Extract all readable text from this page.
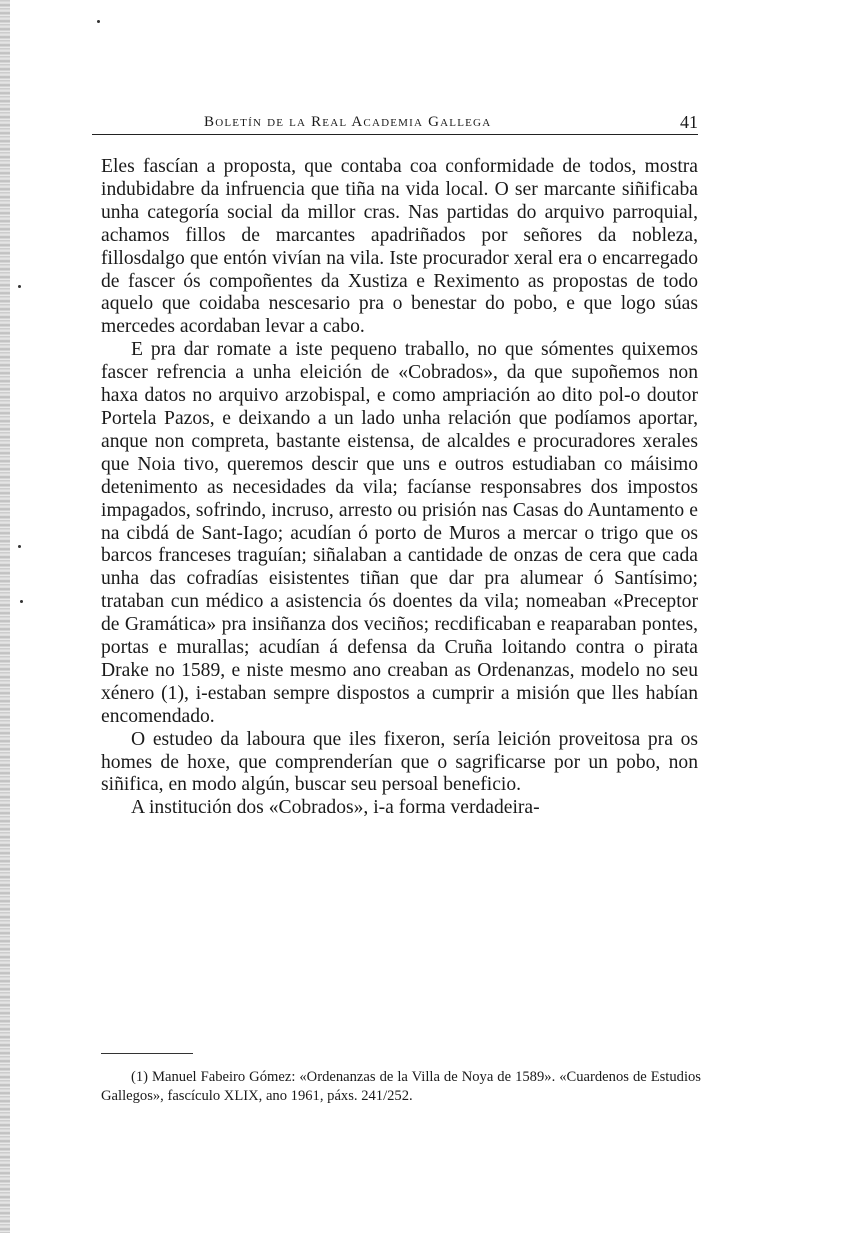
Boletín de la Real Academia Gallega	41

Eles fascían a proposta, que contaba coa conformidade de todos, mostra indubidabre da infruencia que tiña na vida local. O ser marcante siñificaba unha categoría social da millor cras. Nas partidas do arquivo parroquial, achamos fillos de marcantes apadriñados por señores da nobleza, fillosdalgo que entón vivían na vila. Iste procurador xeral era o encarregado de fascer ós compoñentes da Xustiza e Reximento as propostas de todo aquelo que coidaba nescesario pra o benestar do pobo, e que logo súas mercedes acordaban levar a cabo.

E pra dar romate a iste pequeno traballo, no que sómentes quixemos fascer refrencia a unha eleición de «Cobrados», da que supoñemos non haxa datos no arquivo arzobispal, e como ampriación ao dito pol-o doutor Portela Pazos, e deixando a un lado unha relación que podíamos aportar, anque non compreta, bastante eistensa, de alcaldes e procuradores xerales que Noia tivo, queremos descir que uns e outros estudiaban co máisimo detenimento as necesidades da vila; facíanse responsabres dos impostos impagados, sofrindo, incruso, arresto ou prisión nas Casas do Auntamento e na cibdá de Sant-Iago; acudían ó porto de Muros a mercar o trigo que os barcos franceses traguían; siñalaban a cantidade de onzas de cera que cada unha das cofradías eisistentes tiñan que dar pra alumear ó Santísimo; trataban cun médico a asistencia ós doentes da vila; nomeaban «Preceptor de Gramática» pra insiñanza dos veciños; recdificaban e reaparaban pontes, portas e murallas; acudían á defensa da Cruña loitando contra o pirata Drake no 1589, e niste mesmo ano creaban as Ordenanzas, modelo no seu xénero (1), i-estaban sempre dispostos a cumprir a misión que lles habían encomendado.

O estudeo da laboura que iles fixeron, sería leición proveitosa pra os homes de hoxe, que comprenderían que o sagrificarse por un pobo, non siñifica, en modo algún, buscar seu persoal beneficio.

A institución dos «Cobrados», i-a forma verdadeira-

(1) Manuel Fabeiro Gómez: «Ordenanzas de la Villa de Noya de 1589». «Cuardenos de Estudios Gallegos», fascículo XLIX, ano 1961, páxs. 241/252.
